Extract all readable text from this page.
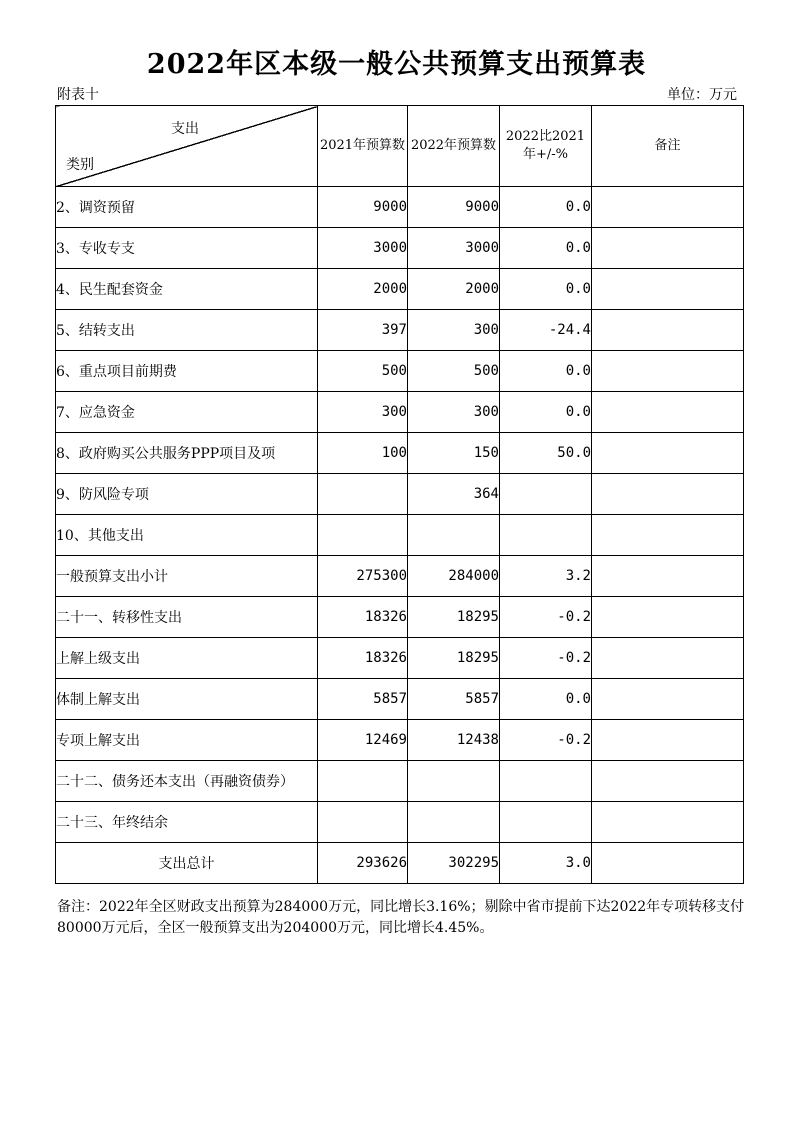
2022年区本级一般公共预算支出预算表
附表十	单位：万元
支出
类别	2021年预算数	2022年预算数	2022比2021年+/-%	备注
2、调资预留	9000	9000	0.0	
3、专收专支	3000	3000	0.0	
4、民生配套资金	2000	2000	0.0	
5、结转支出	397	300	-24.4	
6、重点项目前期费	500	500	0.0	
7、应急资金	300	300	0.0	
8、政府购买公共服务PPP项目及项	100	150	50.0	
9、防风险专项		364		
10、其他支出				
一般预算支出小计	275300	284000	3.2	
二十一、转移性支出	18326	18295	-0.2	
上解上级支出	18326	18295	-0.2	
体制上解支出	5857	5857	0.0	
专项上解支出	12469	12438	-0.2	
二十二、债务还本支出（再融资债券）				
二十三、年终结余				
支出总计	293626	302295	3.0	
备注：2022年全区财政支出预算为284000万元，同比增长3.16%；剔除中省市提前下达2022年专项转移支付80000万元后，全区一般预算支出为204000万元，同比增长4.45%。
